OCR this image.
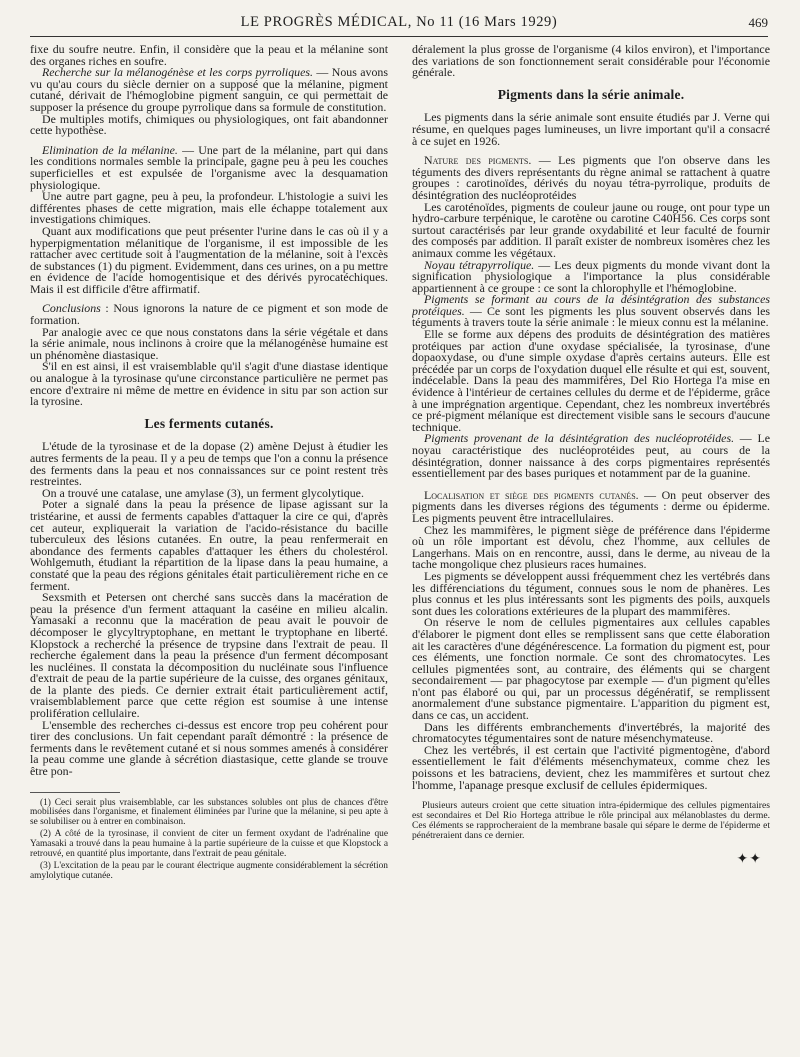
LE PROGRÈS MÉDICAL, No 11 (16 Mars 1929)	469

fixe du soufre neutre. Enfin, il considère que la peau et la mélanine sont des organes riches en soufre.

Recherche sur la mélanogénèse et les corps pyrroliques. — Nous avons vu qu'au cours du siècle dernier on a supposé que la mélanine, pigment cutané, dérivait de l'hémoglobine pigment sanguin, ce qui permettait de supposer la présence du groupe pyrrolique dans sa formule de constitution.

De multiples motifs, chimiques ou physiologiques, ont fait abandonner cette hypothèse.

Elimination de la mélanine. — Une part de la mélanine, part qui dans les conditions normales semble la principale, gagne peu à peu les couches superficielles et est expulsée de l'organisme avec la desquamation physiologique.

Une autre part gagne, peu à peu, la profondeur. L'histologie a suivi les différentes phases de cette migration, mais elle échappe totalement aux investigations chimiques.

Quant aux modifications que peut présenter l'urine dans le cas où il y a hyperpigmentation mélanitique de l'organisme, il est impossible de les rattacher avec certitude soit à l'augmentation de la mélanine, soit à l'excès de substances (1) du pigment. Evidemment, dans ces urines, on a pu mettre en évidence de l'acide homogentisique et des dérivés pyrocatéchiques. Mais il est difficile d'être affirmatif.

Conclusions : Nous ignorons la nature de ce pigment et son mode de formation.

Par analogie avec ce que nous constatons dans la série végétale et dans la série animale, nous inclinons à croire que la mélanogénèse humaine est un phénomène diastasique.

S'il en est ainsi, il est vraisemblable qu'il s'agit d'une diastase identique ou analogue à la tyrosinase qu'une circonstance particulière ne permet pas encore d'extraire ni même de mettre en évidence in situ par son action sur la tyrosine.

Les ferments cutanés.

L'étude de la tyrosinase et de la dopase (2) amène Dejust à étudier les autres ferments de la peau. Il y a peu de temps que l'on a connu la présence des ferments dans la peau et nos connaissances sur ce point restent très restreintes.

On a trouvé une catalase, une amylase (3), un ferment glycolytique.

Poter a signalé dans la peau la présence de lipase agissant sur la tristéarine, et aussi de ferments capables d'attaquer la cire ce qui, d'après cet auteur, expliquerait la variation de l'acido-résistance du bacille tuberculeux des lésions cutanées. En outre, la peau renfermerait en abondance des ferments capables d'attaquer les éthers du cholestérol. Wohlgemuth, étudiant la répartition de la lipase dans la peau humaine, a constaté que la peau des régions génitales était particulièrement riche en ce ferment.

Sexsmith et Petersen ont cherché sans succès dans la macération de peau la présence d'un ferment attaquant la caséine en milieu alcalin. Yamasaki a reconnu que la macération de peau avait le pouvoir de décomposer le glycyltryptophane, en mettant le tryptophane en liberté. Klopstock a recherché la présence de trypsine dans l'extrait de peau. Il recherche également dans la peau la présence d'un ferment décomposant les nucléines. Il constata la décomposition du nucléinate sous l'influence d'extrait de peau de la partie supérieure de la cuisse, des organes génitaux, de la plante des pieds. Ce dernier extrait était particulièrement actif, vraisemblablement parce que cette région est soumise à une intense prolifération cellulaire.

L'ensemble des recherches ci-dessus est encore trop peu cohérent pour tirer des conclusions. Un fait cependant paraît démontré : la présence de ferments dans le revêtement cutané et si nous sommes amenés à considérer la peau comme une glande à sécrétion diastasique, cette glande se trouve être pon-

(1) Ceci serait plus vraisemblable, car les substances solubles ont plus de chances d'être mobilisées dans l'organisme, et finalement éliminées par l'urine que la mélanine, si peu apte à se solubiliser ou à entrer en combinaison.

(2) A côté de la tyrosinase, il convient de citer un ferment oxydant de l'adrénaline que Yamasaki a trouvé dans la peau humaine à la partie supérieure de la cuisse et que Klopstock a retrouvé, en quantité plus importante, dans l'extrait de peau génitale.

(3) L'excitation de la peau par le courant électrique augmente considérablement la sécrétion amylolytique cutanée.

déralement la plus grosse de l'organisme (4 kilos environ), et l'importance des variations de son fonctionnement serait considérable pour l'économie générale.

Pigments dans la série animale.

Les pigments dans la série animale sont ensuite étudiés par J. Verne qui résume, en quelques pages lumineuses, un livre important qu'il a consacré à ce sujet en 1926.

Nature des pigments. — Les pigments que l'on observe dans les téguments des divers représentants du règne animal se rattachent à quatre groupes : carotinoïdes, dérivés du noyau tétra-pyrrolique, produits de désintégration des nucléoprotéides

Les caroténoïdes, pigments de couleur jaune ou rouge, ont pour type un hydro-carbure terpénique, le carotène ou carotine C40H56. Ces corps sont surtout caractérisés par leur grande oxydabilité et leur faculté de fournir des composés par addition. Il paraît exister de nombreux isomères chez les animaux comme les végétaux.

Noyau tétrapyrrolique. — Les deux pigments du monde vivant dont la signification physiologique a l'importance la plus considérable appartiennent à ce groupe : ce sont la chlorophylle et l'hémoglobine.

Pigments se formant au cours de la désintégration des substances protéiques. — Ce sont les pigments les plus souvent observés dans les téguments à travers toute la série animale : le mieux connu est la mélanine.

Elle se forme aux dépens des produits de désintégration des matières protéiques par action d'une oxydase spécialisée, la tyrosinase, d'une dopaoxydase, ou d'une simple oxydase d'après certains auteurs. Elle est précédée par un corps de l'oxydation duquel elle résulte et qui est, souvent, indécelable. Dans la peau des mammifères, Del Rio Hortega l'a mise en évidence à l'intérieur de certaines cellules du derme et de l'épiderme, grâce à une imprégnation argentique. Cependant, chez les nombreux invertébrés ce pré-pigment mélanique est directement visible sans le secours d'aucune technique.

Pigments provenant de la désintégration des nucléoprotéides. — Le noyau caractéristique des nucléoprotéides peut, au cours de la désintégration, donner naissance à des corps pigmentaires représentés essentiellement par des bases puriques et notamment par de la guanine.

Localisation et siège des pigments cutanés. — On peut observer des pigments dans les diverses régions des téguments : derme ou épiderme. Les pigments peuvent être intracellulaires.

Chez les mammifères, le pigment siège de préférence dans l'épiderme où un rôle important est dévolu, chez l'homme, aux cellules de Langerhans. Mais on en rencontre, aussi, dans le derme, au niveau de la tache mongolique chez plusieurs races humaines.

Les pigments se développent aussi fréquemment chez les vertébrés dans les différenciations du tégument, connues sous le nom de phanères. Les plus connus et les plus intéressants sont les pigments des poils, auxquels sont dues les colorations extérieures de la plupart des mammifères.

On réserve le nom de cellules pigmentaires aux cellules capables d'élaborer le pigment dont elles se remplissent sans que cette élaboration ait les caractères d'une dégénérescence. La formation du pigment est, pour ces éléments, une fonction normale. Ce sont des chromatocytes. Les cellules pigmentées sont, au contraire, des éléments qui se chargent secondairement — par phagocytose par exemple — d'un pigment qu'elles n'ont pas élaboré ou qui, par un processus dégénératif, se remplissent anormalement d'une substance pigmentaire. L'apparition du pigment est, dans ce cas, un accident.

Dans les différents embranchements d'invertébrés, la majorité des chromatocytes tégumentaires sont de nature mésenchymateuse.

Chez les vertébrés, il est certain que l'activité pigmentogène, d'abord essentiellement le fait d'éléments mésenchymateux, comme chez les poissons et les batraciens, devient, chez les mammifères et surtout chez l'homme, l'apanage presque exclusif de cellules épidermiques.

Plusieurs auteurs croient que cette situation intra-épidermique des cellules pigmentaires est secondaires et Del Rio Hortega attribue le rôle principal aux mélanoblastes du derme. Ces éléments se rapprocheraient de la membrane basale qui sépare le derme de l'épiderme et pénétreraient dans ce dernier.

✦✦
